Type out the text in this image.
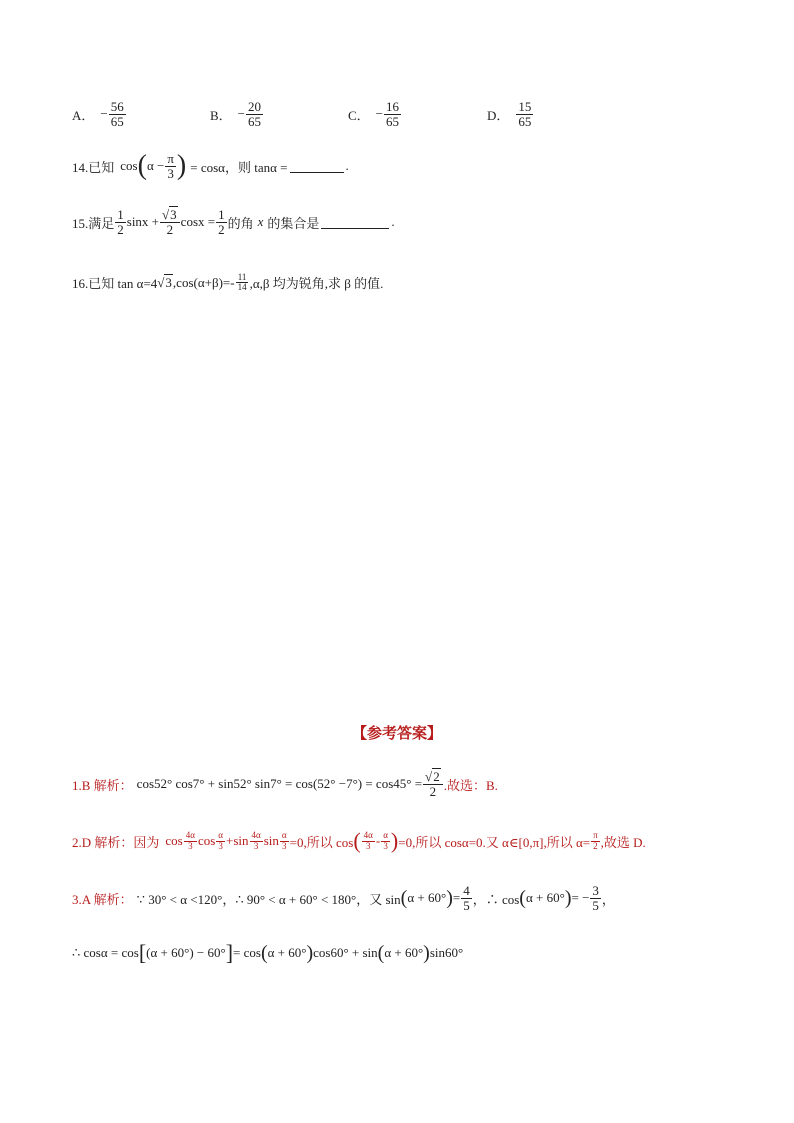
A． − $\frac{56}{65}$	B． − $\frac{20}{65}$	C． − $\frac{16}{65}$	D． $\frac{15}{65}$
14.已知 cos ( $\alpha - \frac{\pi}{3}$ ) = cosα，则 tanα =	.
15.满足 $\frac{1}{2}$ $\sin x + \frac{√3}{2}$ $\cos x = \frac{1}{2}$ 的角 x 的集合是	.
16.已知 tan α=4 √3 $,\cos(\alpha+\beta)=- \frac{11}{14} ,\alpha,\beta$ 均为锐角,求 β 的值.
【参考答案】
1.B 解析： cos52° cos7° + sin52° $\sin 7^\circ = \cos(52^\circ -7^\circ) = \cos 45^\circ = \frac{√2}{2}$ .故选：B.
2.D 解析：因为 $\cos \frac{4\alpha}{3}$ $\cos \frac{\alpha}{3} +\sin \frac{4\alpha}{3}$ $\sin \frac{\alpha}{3} =0$,所以 cos ( $\frac{4\alpha}{3} - \frac{\alpha}{3}$ ) =0,所以 cosα=0.又 α∈[0,π],所以 $\alpha= \frac{\pi}{2}$ ,故选 D.
3.A 解析： ∵ 30° < α <120°，∴ 90° < α + 60° < 180°，又 sin ( α + 60° ) = $\frac{4}{5}$ ，∴ cos ( α + 60° ) = − $\frac{3}{5}$ ，
∴ cosα = cos [ (α + 60°) − 60° ] = cos ( α + 60° ) cos60° + sin ( α + 60° ) sin60°
